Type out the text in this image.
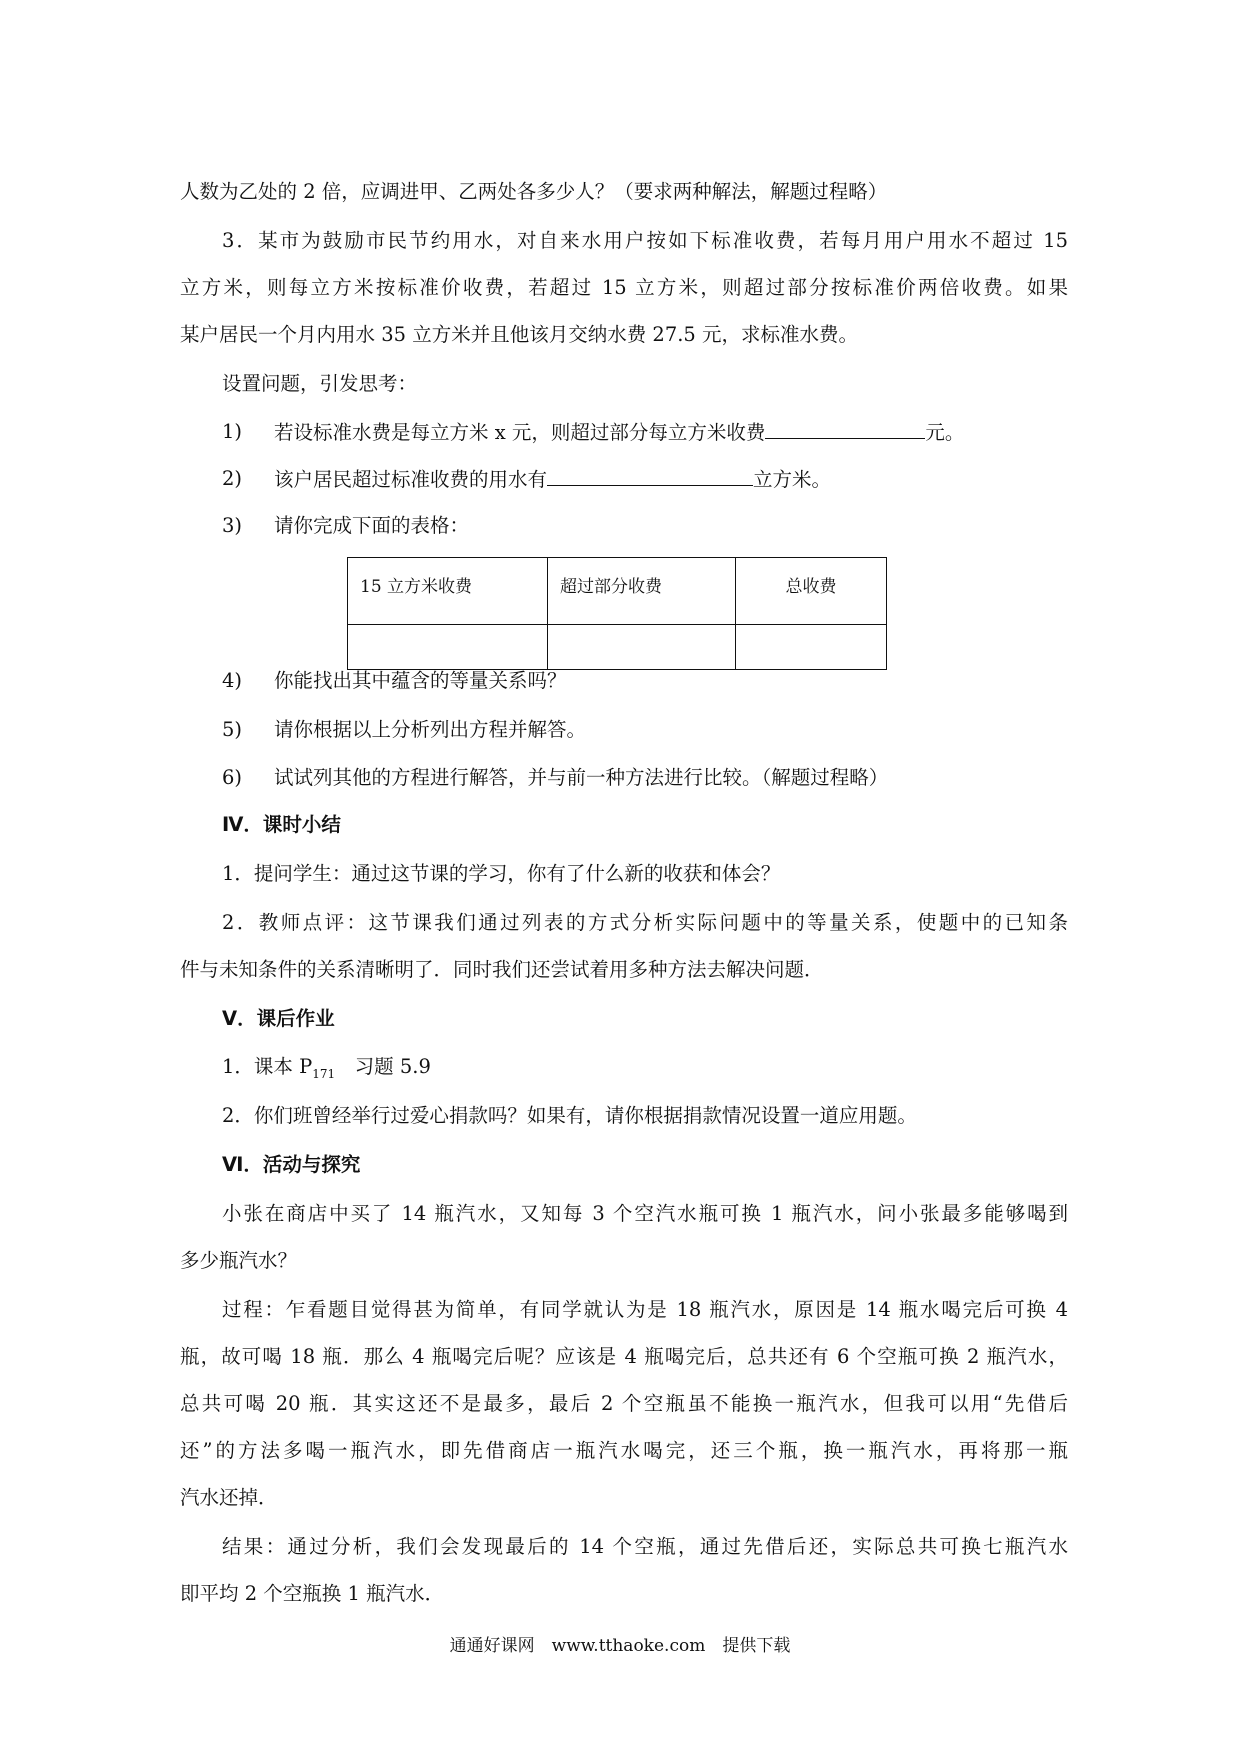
人数为乙处的 2 倍，应调进甲、乙两处各多少人？（要求两种解法，解题过程略）
3．某市为鼓励市民节约用水，对自来水用户按如下标准收费，若每月用户用水不超过 15
立方米，则每立方米按标准价收费，若超过 15 立方米，则超过部分按标准价两倍收费。如果
某户居民一个月内用水 35 立方米并且他该月交纳水费 27.5 元，求标准水费。
设置问题，引发思考：
1) 若设标准水费是每立方米 x 元，则超过部分每立方米收费	元。
2) 该户居民超过标准收费的用水有	立方米。
3) 请你完成下面的表格：
15 立方米收费	超过部分收费	总收费

4) 你能找出其中蕴含的等量关系吗？
5) 请你根据以上分析列出方程并解答。
6) 试试列其他的方程进行解答，并与前一种方法进行比较。（解题过程略）
Ⅳ．课时小结
1．提问学生：通过这节课的学习，你有了什么新的收获和体会？
2．教师点评：这节课我们通过列表的方式分析实际问题中的等量关系，使题中的已知条
件与未知条件的关系清晰明了．同时我们还尝试着用多种方法去解决问题．
Ⅴ．课后作业
1．课本 $P_{171}$　习题 5.9
2．你们班曾经举行过爱心捐款吗？如果有，请你根据捐款情况设置一道应用题。
Ⅵ．活动与探究
小张在商店中买了 14 瓶汽水，又知每 3 个空汽水瓶可换 1 瓶汽水，问小张最多能够喝到
多少瓶汽水？
过程：乍看题目觉得甚为简单，有同学就认为是 18 瓶汽水，原因是 14 瓶水喝完后可换 4
瓶，故可喝 18 瓶．那么 4 瓶喝完后呢？应该是 4 瓶喝完后，总共还有 6 个空瓶可换 2 瓶汽水，
总共可喝 20 瓶．其实这还不是最多，最后 2 个空瓶虽不能换一瓶汽水，但我可以用“先借后
还”的方法多喝一瓶汽水，即先借商店一瓶汽水喝完，还三个瓶，换一瓶汽水，再将那一瓶
汽水还掉．
结果：通过分析，我们会发现最后的 14 个空瓶，通过先借后还，实际总共可换七瓶汽水
即平均 2 个空瓶换 1 瓶汽水．
通通好课网　www.tthaoke.com　提供下载
